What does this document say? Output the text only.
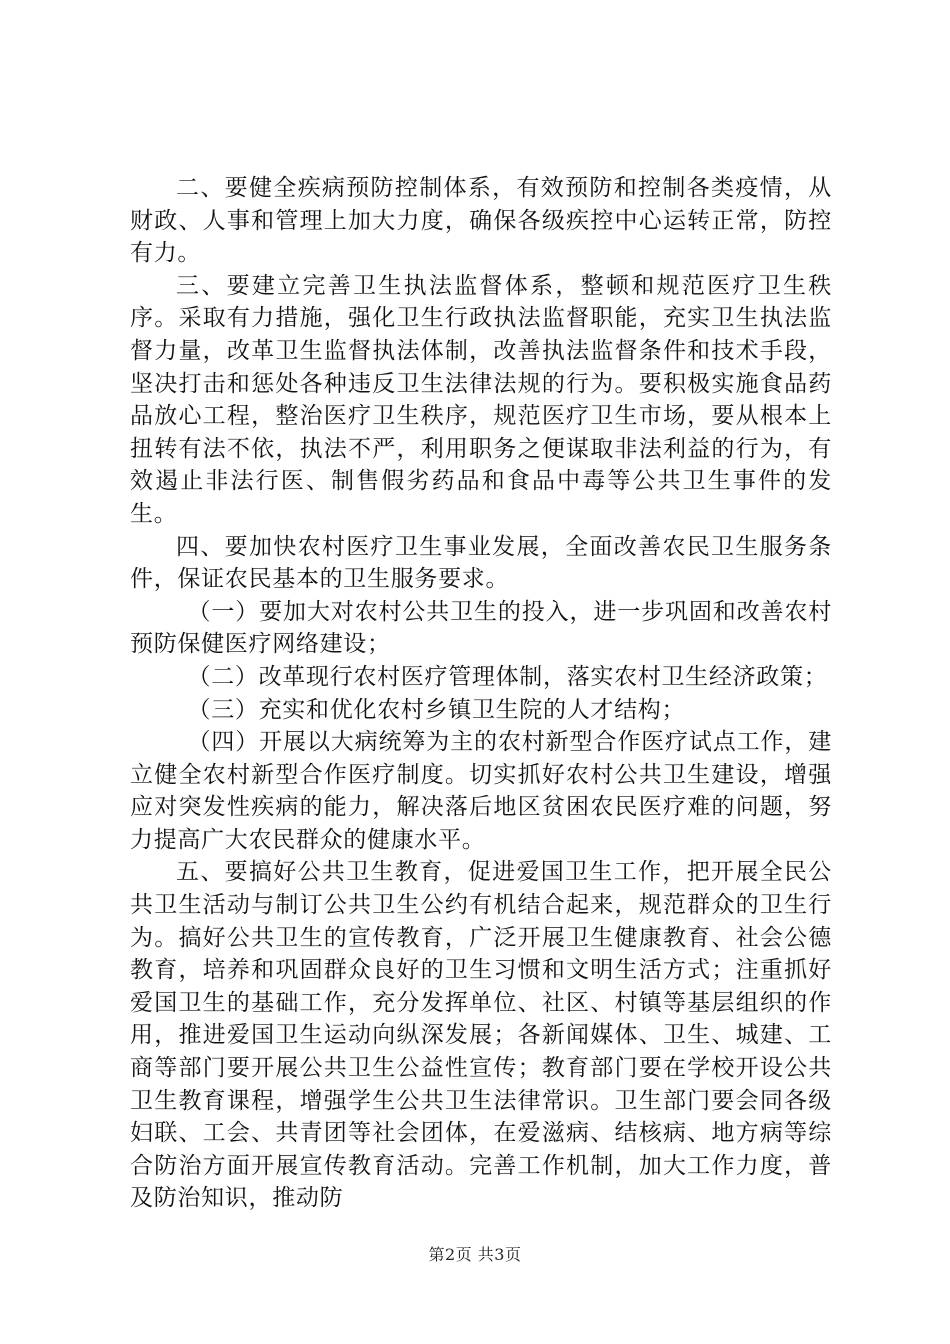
二、要健全疾病预防控制体系，有效预防和控制各类疫情，从财政、人事和管理上加大力度，确保各级疾控中心运转正常，防控有力。

三、要建立完善卫生执法监督体系，整顿和规范医疗卫生秩序。采取有力措施，强化卫生行政执法监督职能，充实卫生执法监督力量，改革卫生监督执法体制，改善执法监督条件和技术手段，坚决打击和惩处各种违反卫生法律法规的行为。要积极实施食品药品放心工程，整治医疗卫生秩序，规范医疗卫生市场，要从根本上扭转有法不依，执法不严，利用职务之便谋取非法利益的行为，有效遏止非法行医、制售假劣药品和食品中毒等公共卫生事件的发生。

四、要加快农村医疗卫生事业发展，全面改善农民卫生服务条件，保证农民基本的卫生服务要求。

（一）要加大对农村公共卫生的投入，进一步巩固和改善农村预防保健医疗网络建设；

（二）改革现行农村医疗管理体制，落实农村卫生经济政策；

（三）充实和优化农村乡镇卫生院的人才结构；

（四）开展以大病统筹为主的农村新型合作医疗试点工作，建立健全农村新型合作医疗制度。切实抓好农村公共卫生建设，增强应对突发性疾病的能力，解决落后地区贫困农民医疗难的问题，努力提高广大农民群众的健康水平。

五、要搞好公共卫生教育，促进爱国卫生工作，把开展全民公共卫生活动与制订公共卫生公约有机结合起来，规范群众的卫生行为。搞好公共卫生的宣传教育，广泛开展卫生健康教育、社会公德教育，培养和巩固群众良好的卫生习惯和文明生活方式；注重抓好爱国卫生的基础工作，充分发挥单位、社区、村镇等基层组织的作用，推进爱国卫生运动向纵深发展；各新闻媒体、卫生、城建、工商等部门要开展公共卫生公益性宣传；教育部门要在学校开设公共卫生教育课程，增强学生公共卫生法律常识。卫生部门要会同各级妇联、工会、共青团等社会团体，在爱滋病、结核病、地方病等综合防治方面开展宣传教育活动。完善工作机制，加大工作力度，普及防治知识，推动防

第2页 共3页
